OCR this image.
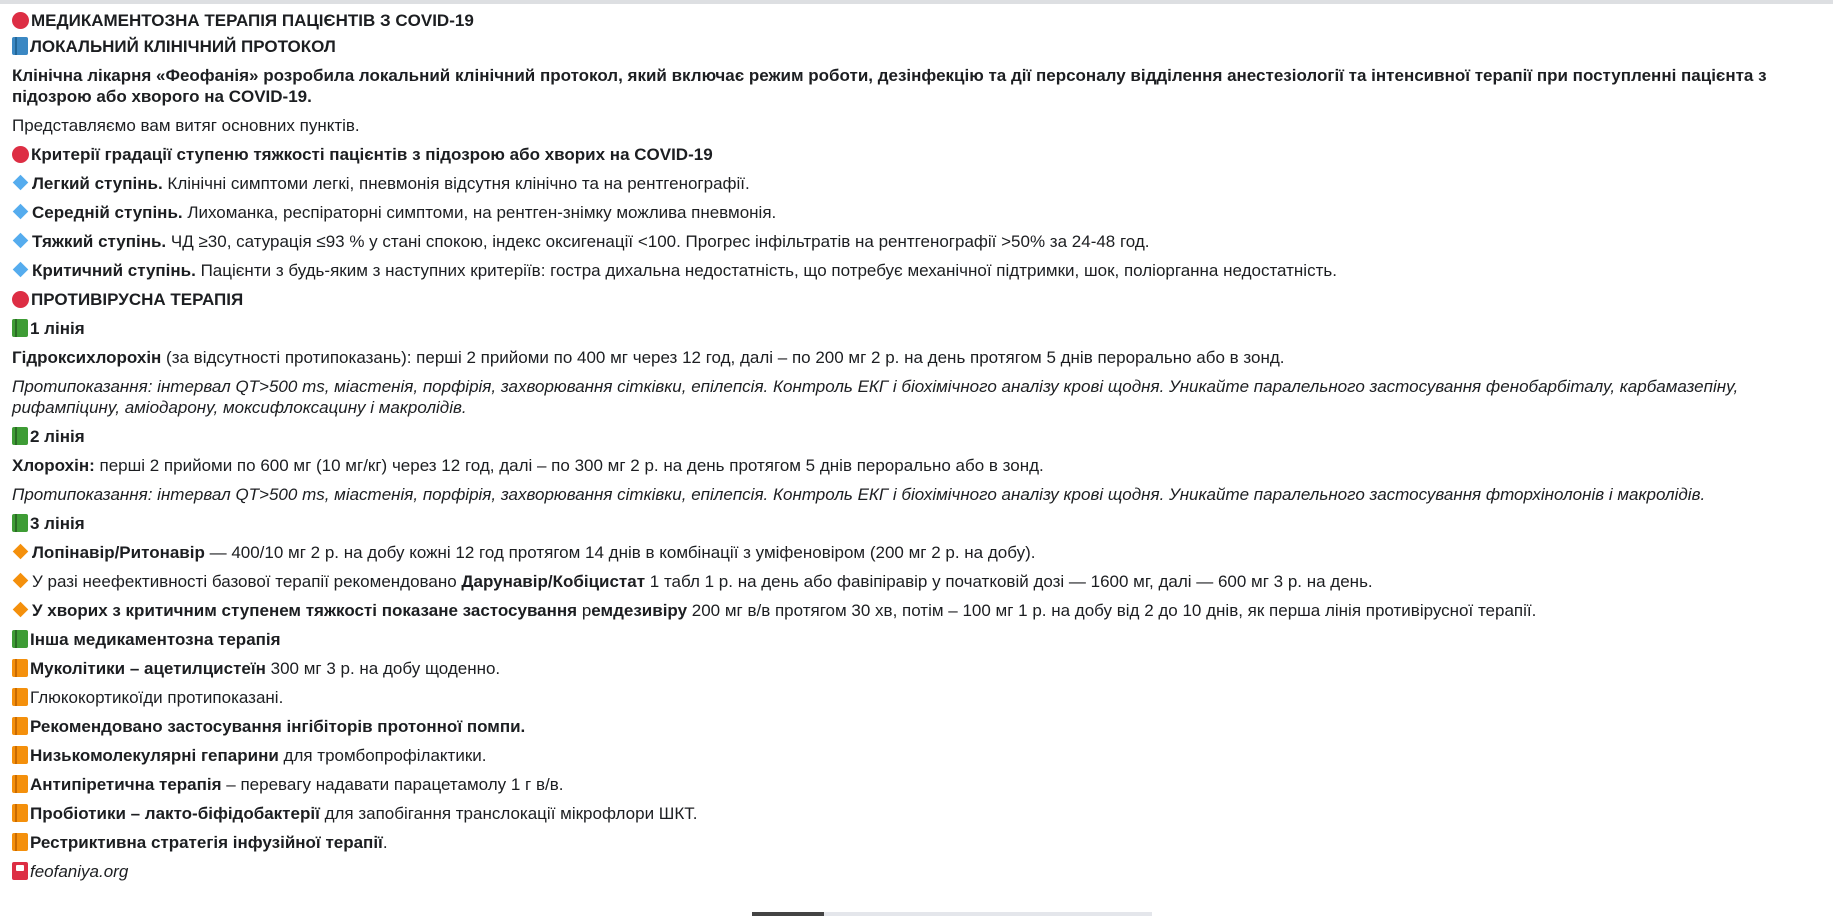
МЕДИКАМЕНТОЗНА ТЕРАПІЯ ПАЦІЄНТІВ З COVID-19
ЛОКАЛЬНИЙ КЛІНІЧНИЙ ПРОТОКОЛ
Клінічна лікарня «Феофанія» розробила локальний клінічний протокол, який включає режим роботи, дезінфекцію та дії персоналу відділення анестезіології та інтенсивної терапії при поступленні пацієнта з підозрою або хворого на COVID-19.
Представляємо вам витяг основних пунктів.
Критерії градації ступеню тяжкості пацієнтів з підозрою або хворих на COVID-19
Легкий ступінь. Клінічні симптоми легкі, пневмонія відсутня клінічно та на рентгенографії.
Середній ступінь. Лихоманка, респіраторні симптоми, на рентген-знімку можлива пневмонія.
Тяжкий ступінь. ЧД ≥30, сатурація ≤93 % у стані спокою, індекс оксигенації <100. Прогрес інфільтратів на рентгенографії >50% за 24-48 год.
Критичний ступінь. Пацієнти з будь-яким з наступних критеріїв: гостра дихальна недостатність, що потребує механічної підтримки, шок, поліорганна недостатність.
ПРОТИВІРУСНА ТЕРАПІЯ
1 лінія
Гідроксихлорохін (за відсутності протипоказань): перші 2 прийоми по 400 мг через 12 год, далі – по 200 мг 2 р. на день протягом 5 днів перорально або в зонд.
Протипоказання: інтервал QT>500 ms, міастенія, порфірія, захворювання сітківки, епілепсія. Контроль ЕКГ і біохімічного аналізу крові щодня. Уникайте паралельного застосування фенобарбіталу, карбамазепіну, рифампіцину, аміодарону, моксифлоксацину і макролідів.
2 лінія
Хлорохін: перші 2 прийоми по 600 мг (10 мг/кг) через 12 год, далі – по 300 мг 2 р. на день протягом 5 днів перорально або в зонд.
Протипоказання: інтервал QT>500 ms, міастенія, порфірія, захворювання сітківки, епілепсія. Контроль ЕКГ і біохімічного аналізу крові щодня. Уникайте паралельного застосування фторхінолонів і макролідів.
3 лінія
Лопінавір/Ритонавір — 400/10 мг 2 р. на добу кожні 12 год протягом 14 днів в комбінації з уміфеновіром (200 мг 2 р. на добу).
У разі неефективності базової терапії рекомендовано Дарунавір/Кобіцистат 1 табл 1 р. на день або фавіпіравір у початковій дозі — 1600 мг, далі — 600 мг 3 р. на день.
У хворих з критичним ступенем тяжкості показане застосування ремдезивіру 200 мг в/в протягом 30 хв, потім – 100 мг 1 р. на добу від 2 до 10 днів, як перша лінія противірусної терапії.
Інша медикаментозна терапія
Муколітики – ацетилцистеїн 300 мг 3 р. на добу щоденно.
Глюкокортикоїди протипоказані.
Рекомендовано застосування інгібіторів протонної помпи.
Низькомолекулярні гепарини для тромбопрофілактики.
Антипіретична терапія – перевагу надавати парацетамолу 1 г в/в.
Пробіотики – лакто-біфідобактерії для запобігання транслокації мікрофлори ШКТ.
Рестриктивна стратегія інфузійної терапії.
feofaniya.org
